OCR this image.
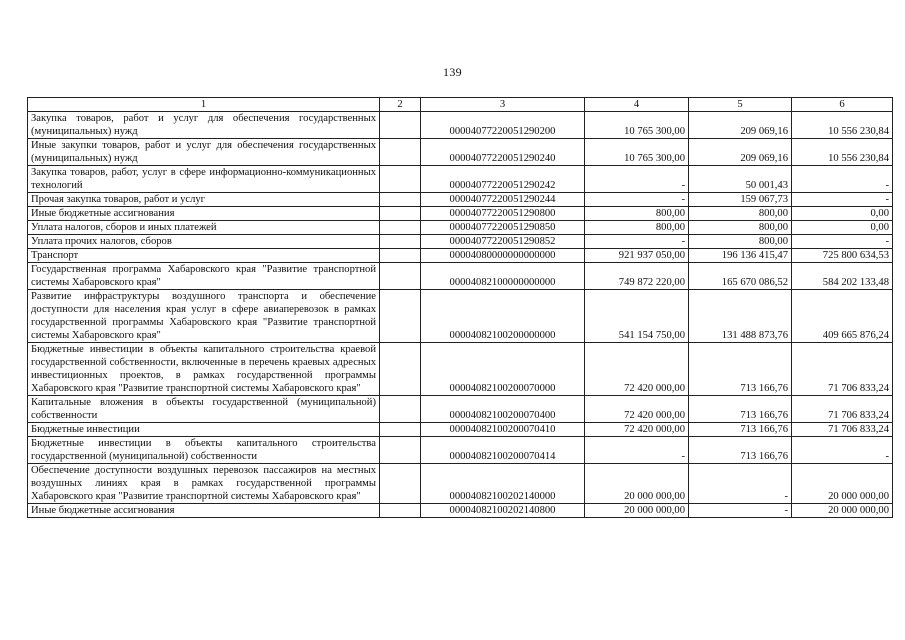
139
1	2	3	4	5	6
Закупка товаров, работ и услуг для обеспечения государственных (муниципальных) нужд		00004077220051290200	10 765 300,00	209 069,16	10 556 230,84
Иные закупки товаров, работ и услуг для обеспечения государственных (муниципальных) нужд		00004077220051290240	10 765 300,00	209 069,16	10 556 230,84
Закупка товаров, работ, услуг в сфере информационно-коммуникационных технологий		00004077220051290242	-	50 001,43	-
Прочая закупка товаров, работ и услуг		00004077220051290244	-	159 067,73	-
Иные бюджетные ассигнования		00004077220051290800	800,00	800,00	0,00
Уплата налогов, сборов и иных платежей		00004077220051290850	800,00	800,00	0,00
Уплата прочих налогов, сборов		00004077220051290852	-	800,00	-
Транспорт		00004080000000000000	921 937 050,00	196 136 415,47	725 800 634,53
Государственная программа Хабаровского края "Развитие транспортной системы Хабаровского края"		00004082100000000000	749 872 220,00	165 670 086,52	584 202 133,48
Развитие инфраструктуры воздушного транспорта и обеспечение доступности для населения края услуг в сфере авиаперевозок в рамках государственной программы Хабаровского края "Развитие транспортной системы Хабаровского края"		00004082100200000000	541 154 750,00	131 488 873,76	409 665 876,24
Бюджетные инвестиции в объекты капитального строительства краевой государственной собственности, включенные в перечень краевых адресных инвестиционных проектов, в рамках государственной программы Хабаровского края "Развитие транспортной системы Хабаровского края"		00004082100200070000	72 420 000,00	713 166,76	71 706 833,24
Капитальные вложения в объекты государственной (муниципальной) собственности		00004082100200070400	72 420 000,00	713 166,76	71 706 833,24
Бюджетные инвестиции		00004082100200070410	72 420 000,00	713 166,76	71 706 833,24
Бюджетные инвестиции в объекты капитального строительства государственной (муниципальной) собственности		00004082100200070414	-	713 166,76	-
Обеспечение доступности воздушных перевозок пассажиров на местных воздушных линиях края в рамках государственной программы Хабаровского края "Развитие транспортной системы Хабаровского края"		00004082100202140000	20 000 000,00	-	20 000 000,00
Иные бюджетные ассигнования		00004082100202140800	20 000 000,00	-	20 000 000,00
